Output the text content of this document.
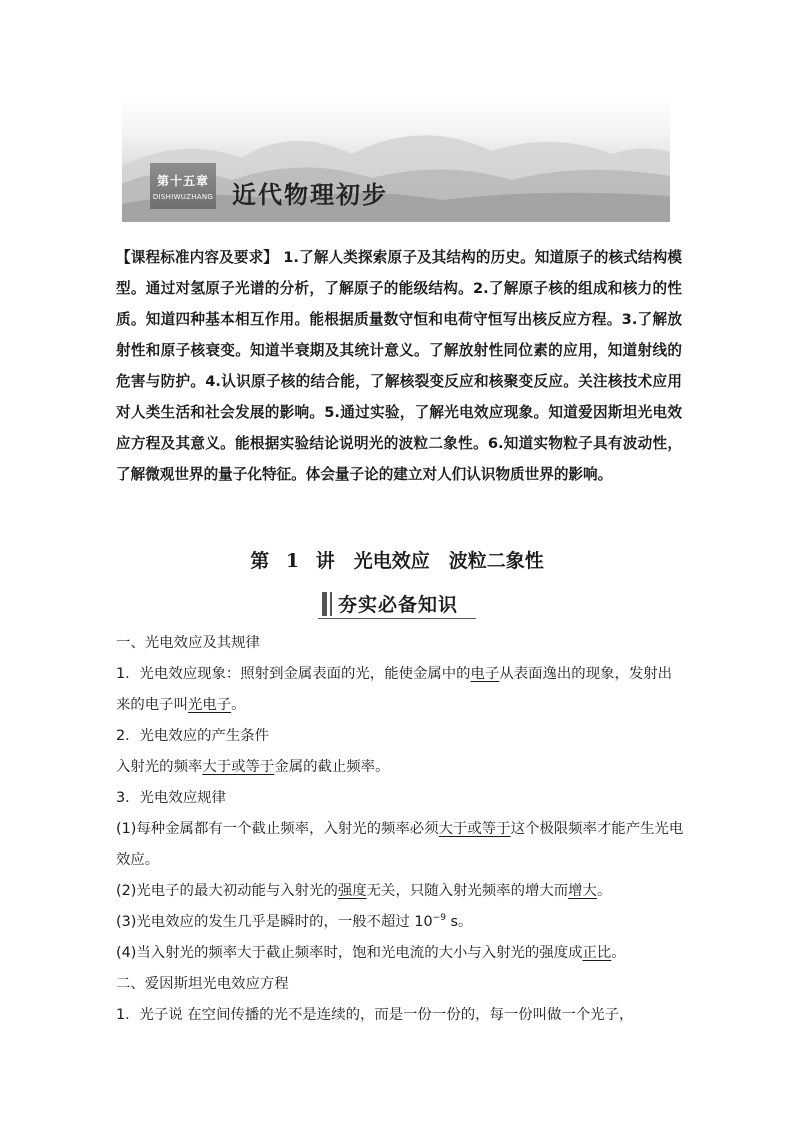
第十五章
DISHIWUZHANG 近代物理初步
【课程标准内容及要求】 1.了解人类探索原子及其结构的历史。知道原子的核式结构模型。通过对氢原子光谱的分析，了解原子的能级结构。2.了解原子核的组成和核力的性质。知道四种基本相互作用。能根据质量数守恒和电荷守恒写出核反应方程。3.了解放射性和原子核衰变。知道半衰期及其统计意义。了解放射性同位素的应用，知道射线的危害与防护。4.认识原子核的结合能，了解核裂变反应和核聚变反应。关注核技术应用对人类生活和社会发展的影响。5.通过实验，了解光电效应现象。知道爱因斯坦光电效应方程及其意义。能根据实验结论说明光的波粒二象性。6.知道实物粒子具有波动性，了解微观世界的量子化特征。体会量子论的建立对人们认识物质世界的影响。
第 1 讲　光电效应　波粒二象性
夯实必备知识

一、光电效应及其规律

1．光电效应现象：照射到金属表面的光，能使金属中的电子从表面逸出的现象，发射出来的电子叫光电子。

2．光电效应的产生条件

入射光的频率大于或等于金属的截止频率。

3．光电效应规律

(1)每种金属都有一个截止频率，入射光的频率必须大于或等于这个极限频率才能产生光电效应。

(2)光电子的最大初动能与入射光的强度无关，只随入射光频率的增大而增大。

(3)光电效应的发生几乎是瞬时的，一般不超过 $10^{-9}$ s。

(4)当入射光的频率大于截止频率时，饱和光电流的大小与入射光的强度成正比。

二、爱因斯坦光电效应方程

1．光子说 在空间传播的光不是连续的，而是一份一份的，每一份叫做一个光子，
